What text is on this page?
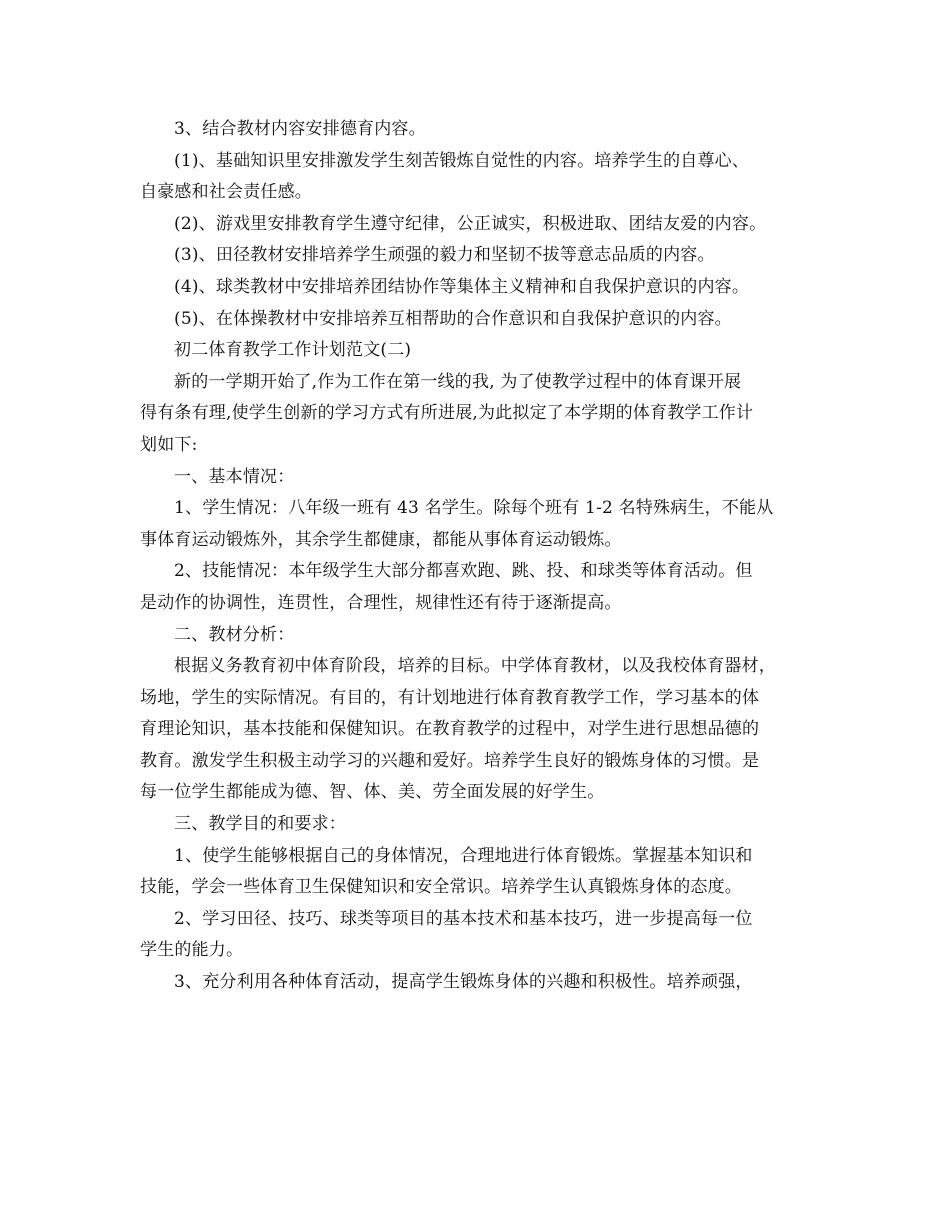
3、结合教材内容安排德育内容。
(1)、基础知识里安排激发学生刻苦锻炼自觉性的内容。培养学生的自尊心、
自豪感和社会责任感。
(2)、游戏里安排教育学生遵守纪律，公正诚实，积极进取、团结友爱的内容。
(3)、田径教材安排培养学生顽强的毅力和坚韧不拔等意志品质的内容。
(4)、球类教材中安排培养团结协作等集体主义精神和自我保护意识的内容。
(5)、在体操教材中安排培养互相帮助的合作意识和自我保护意识的内容。
初二体育教学工作计划范文(二)
新的一学期开始了,作为工作在第一线的我, 为了使教学过程中的体育课开展
得有条有理,使学生创新的学习方式有所进展,为此拟定了本学期的体育教学工作计
划如下:
一、基本情况：
1、学生情况：八年级一班有 43 名学生。除每个班有 1-2 名特殊病生，不能从
事体育运动锻炼外，其余学生都健康，都能从事体育运动锻炼。
2、技能情况：本年级学生大部分都喜欢跑、跳、投、和球类等体育活动。但
是动作的协调性，连贯性，合理性，规律性还有待于逐渐提高。
二、教材分析：
根据义务教育初中体育阶段，培养的目标。中学体育教材，以及我校体育器材，
场地，学生的实际情况。有目的，有计划地进行体育教育教学工作，学习基本的体
育理论知识，基本技能和保健知识。在教育教学的过程中，对学生进行思想品德的
教育。激发学生积极主动学习的兴趣和爱好。培养学生良好的锻炼身体的习惯。是
每一位学生都能成为德、智、体、美、劳全面发展的好学生。
三、教学目的和要求：
1、使学生能够根据自己的身体情况，合理地进行体育锻炼。掌握基本知识和
技能，学会一些体育卫生保健知识和安全常识。培养学生认真锻炼身体的态度。
2、学习田径、技巧、球类等项目的基本技术和基本技巧，进一步提高每一位
学生的能力。
3、充分利用各种体育活动，提高学生锻炼身体的兴趣和积极性。培养顽强，
